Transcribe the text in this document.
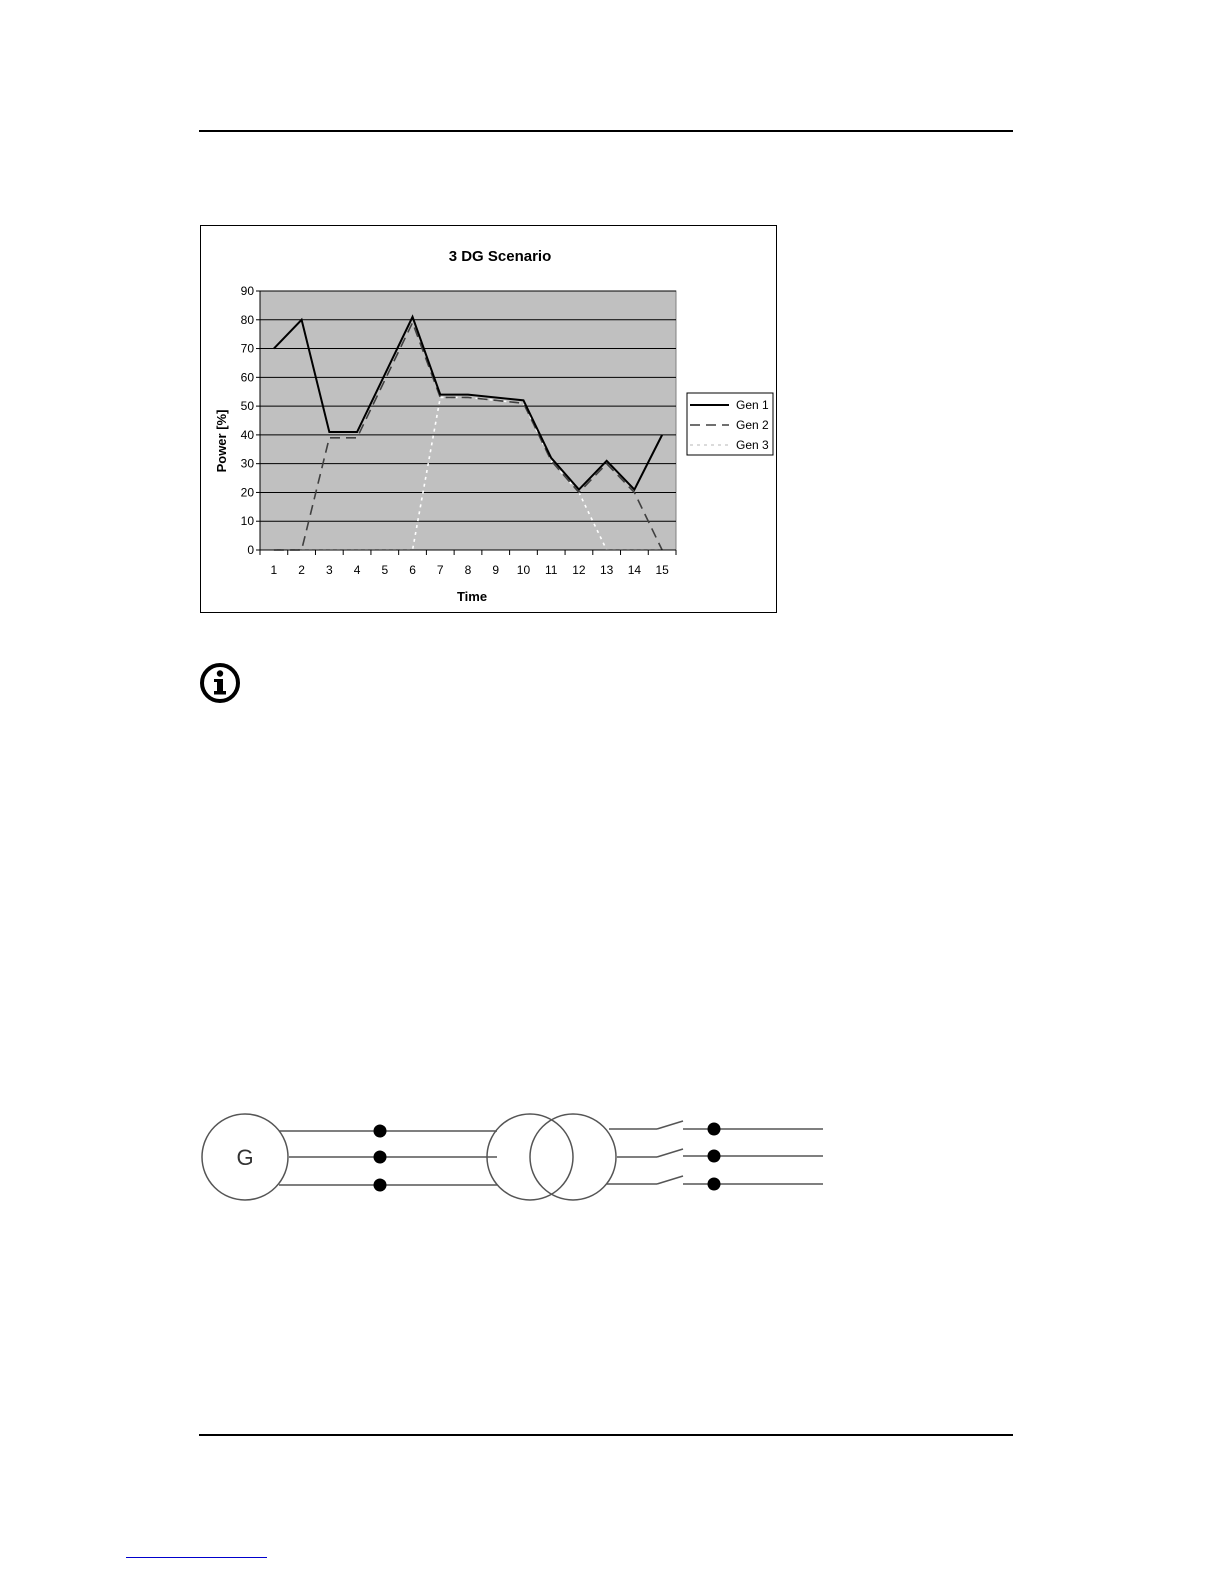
3 DG Scenario
0
10
20
30
40
50
60
70
80
90
1 2 3 4 5 6 7 8 9 10 11 12 13 14 15
Time
Power [%]
Gen 1
Gen 2
Gen 3
G
